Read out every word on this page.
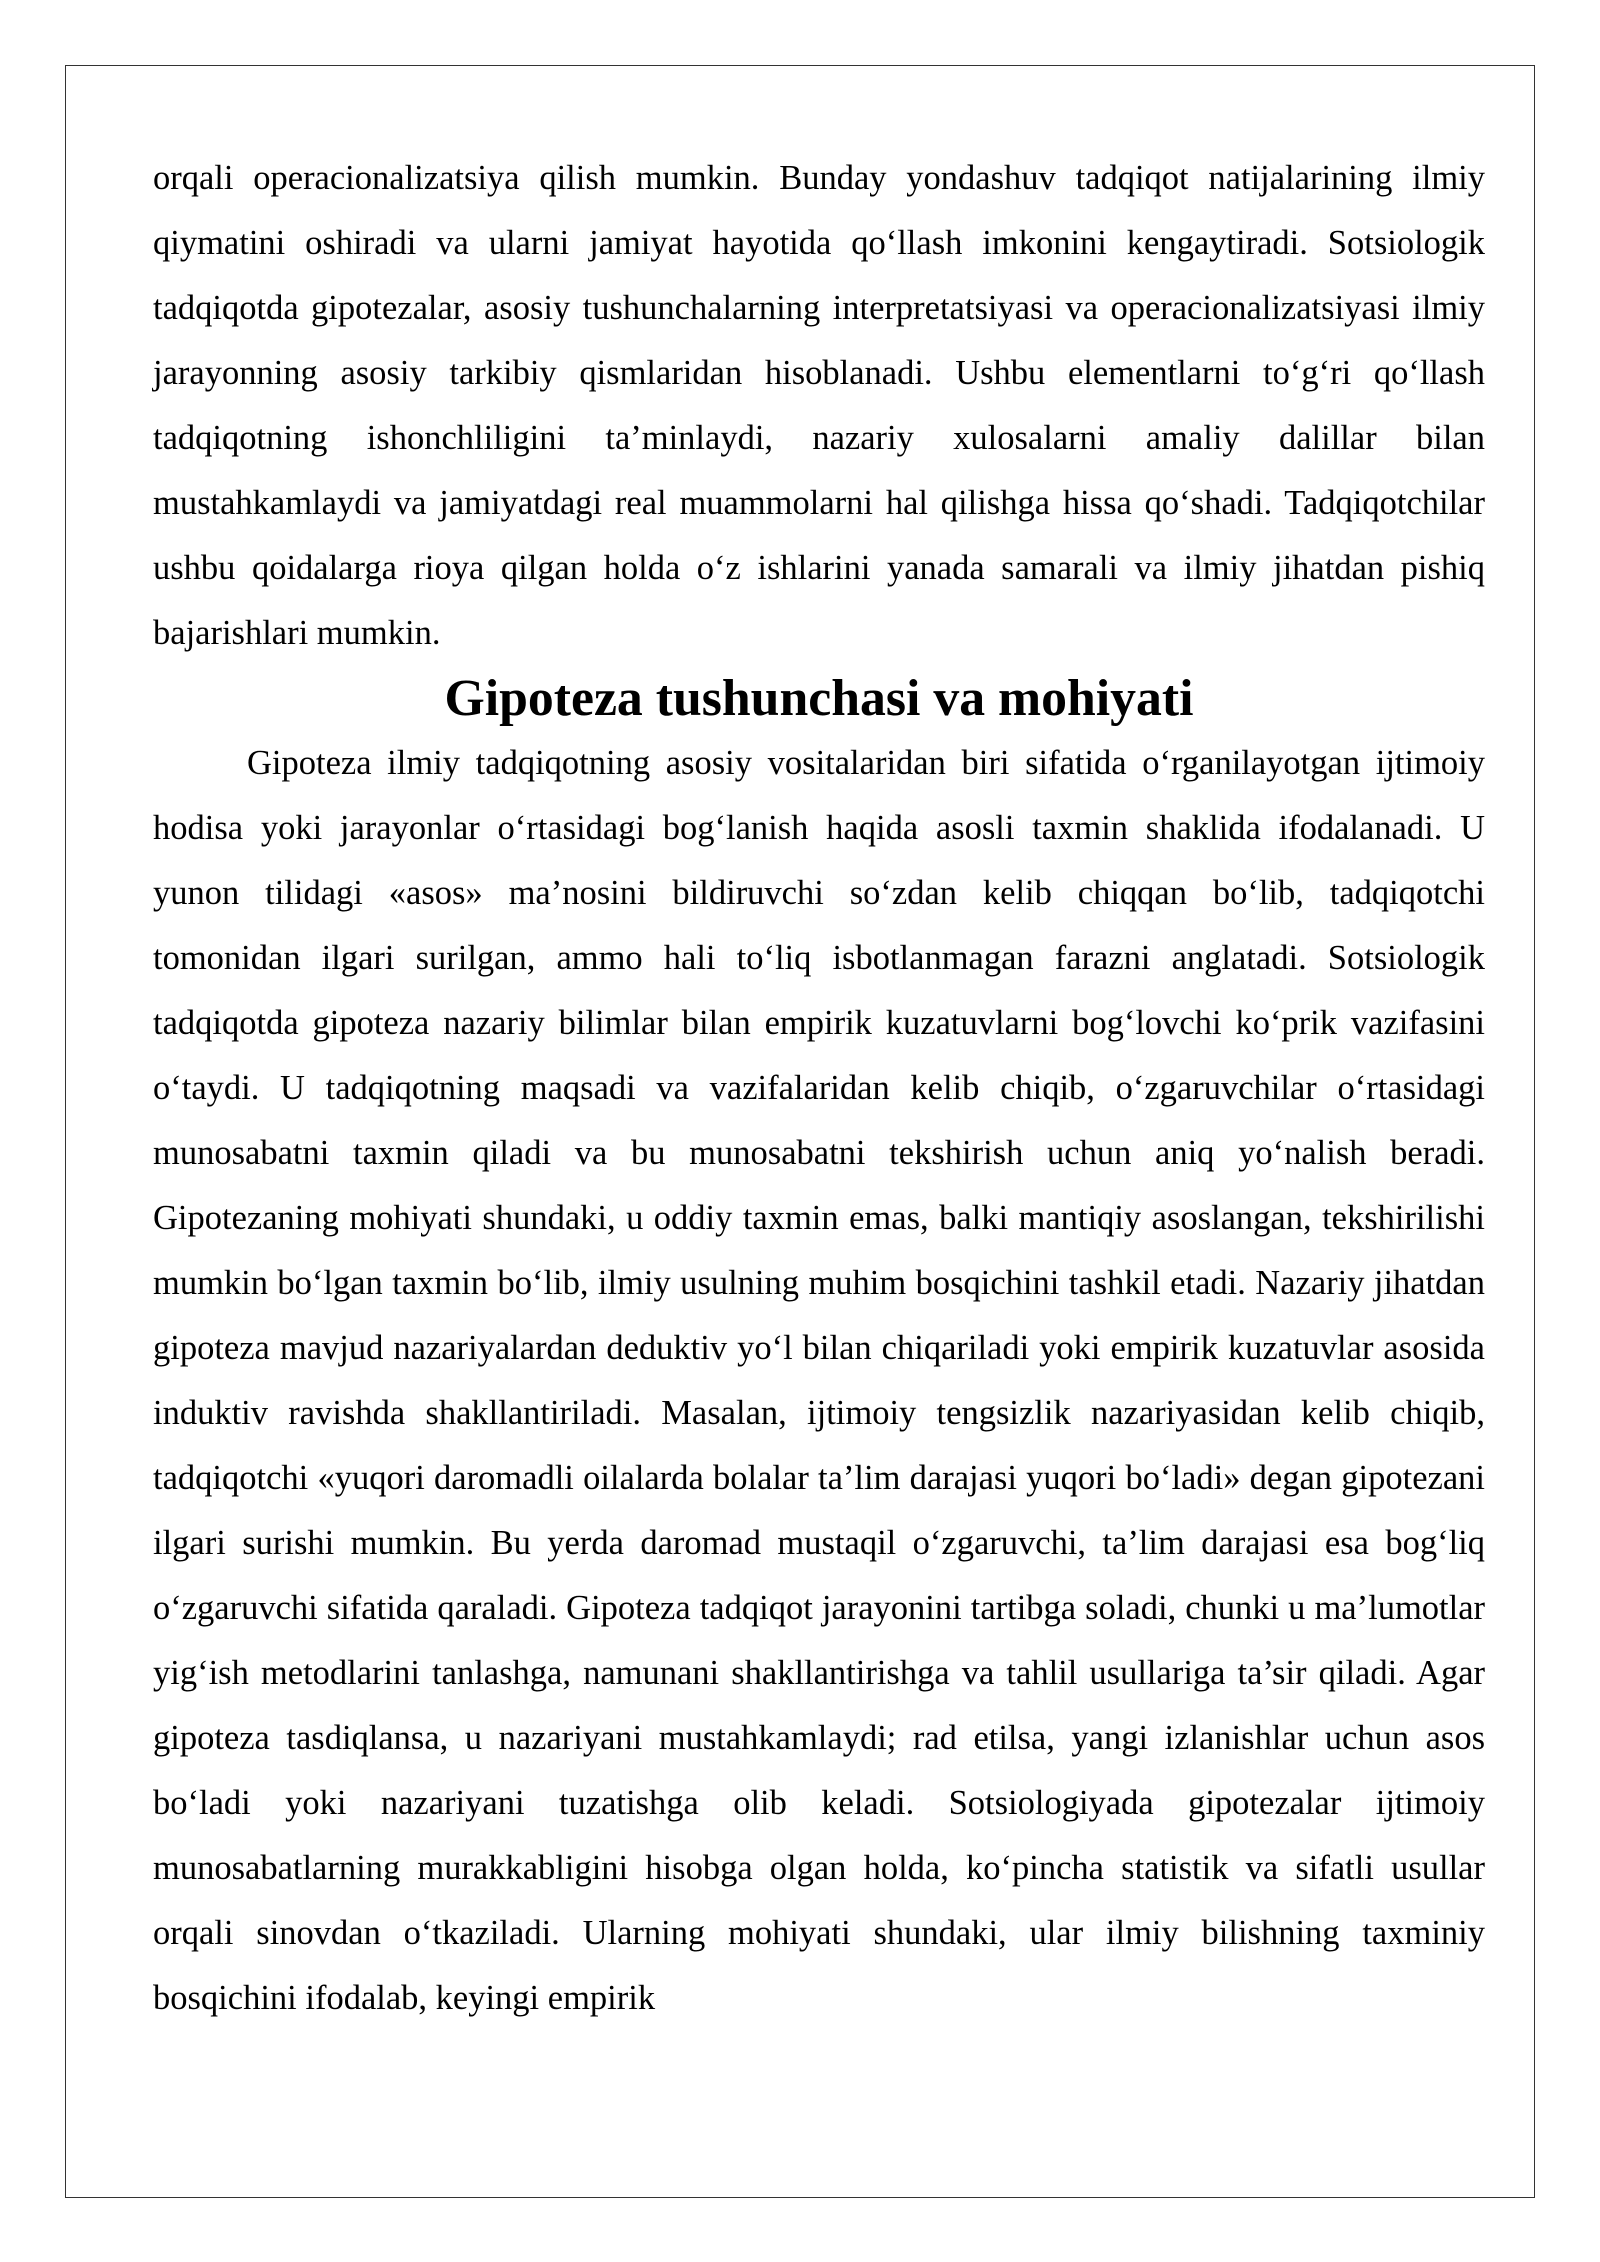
orqali operacionalizatsiya qilish mumkin. Bunday yondashuv tadqiqot natijalarining ilmiy qiymatini oshiradi va ularni jamiyat hayotida qo‘llash imkonini kengaytiradi. Sotsiologik tadqiqotda gipotezalar, asosiy tushunchalarning interpretatsiyasi va operacionalizatsiyasi ilmiy jarayonning asosiy tarkibiy qismlaridan hisoblanadi. Ushbu elementlarni to‘g‘ri qo‘llash tadqiqotning ishonchliligini ta’minlaydi, nazariy xulosalarni amaliy dalillar bilan mustahkamlaydi va jamiyatdagi real muammolarni hal qilishga hissa qo‘shadi. Tadqiqotchilar ushbu qoidalarga rioya qilgan holda o‘z ishlarini yanada samarali va ilmiy jihatdan pishiq bajarishlari mumkin.

Gipoteza tushunchasi va mohiyati

Gipoteza ilmiy tadqiqotning asosiy vositalaridan biri sifatida o‘rganilayotgan ijtimoiy hodisa yoki jarayonlar o‘rtasidagi bog‘lanish haqida asosli taxmin shaklida ifodalanadi. U yunon tilidagi «asos» ma’nosini bildiruvchi so‘zdan kelib chiqqan bo‘lib, tadqiqotchi tomonidan ilgari surilgan, ammo hali to‘liq isbotlanmagan farazni anglatadi. Sotsiologik tadqiqotda gipoteza nazariy bilimlar bilan empirik kuzatuvlarni bog‘lovchi ko‘prik vazifasini o‘taydi. U tadqiqotning maqsadi va vazifalaridan kelib chiqib, o‘zgaruvchilar o‘rtasidagi munosabatni taxmin qiladi va bu munosabatni tekshirish uchun aniq yo‘nalish beradi. Gipotezaning mohiyati shundaki, u oddiy taxmin emas, balki mantiqiy asoslangan, tekshirilishi mumkin bo‘lgan taxmin bo‘lib, ilmiy usulning muhim bosqichini tashkil etadi. Nazariy jihatdan gipoteza mavjud nazariyalardan deduktiv yo‘l bilan chiqariladi yoki empirik kuzatuvlar asosida induktiv ravishda shakllantiriladi. Masalan, ijtimoiy tengsizlik nazariyasidan kelib chiqib, tadqiqotchi «yuqori daromadli oilalarda bolalar ta’lim darajasi yuqori bo‘ladi» degan gipotezani ilgari surishi mumkin. Bu yerda daromad mustaqil o‘zgaruvchi, ta’lim darajasi esa bog‘liq o‘zgaruvchi sifatida qaraladi. Gipoteza tadqiqot jarayonini tartibga soladi, chunki u ma’lumotlar yig‘ish metodlarini tanlashga, namunani shakllantirishga va tahlil usullariga ta’sir qiladi. Agar gipoteza tasdiqlansa, u nazariyani mustahkamlaydi; rad etilsa, yangi izlanishlar uchun asos bo‘ladi yoki nazariyani tuzatishga olib keladi. Sotsiologiyada gipotezalar ijtimoiy munosabatlarning murakkabligini hisobga olgan holda, ko‘pincha statistik va sifatli usullar orqali sinovdan o‘tkaziladi. Ularning mohiyati shundaki, ular ilmiy bilishning taxminiy bosqichini ifodalab, keyingi empirik
